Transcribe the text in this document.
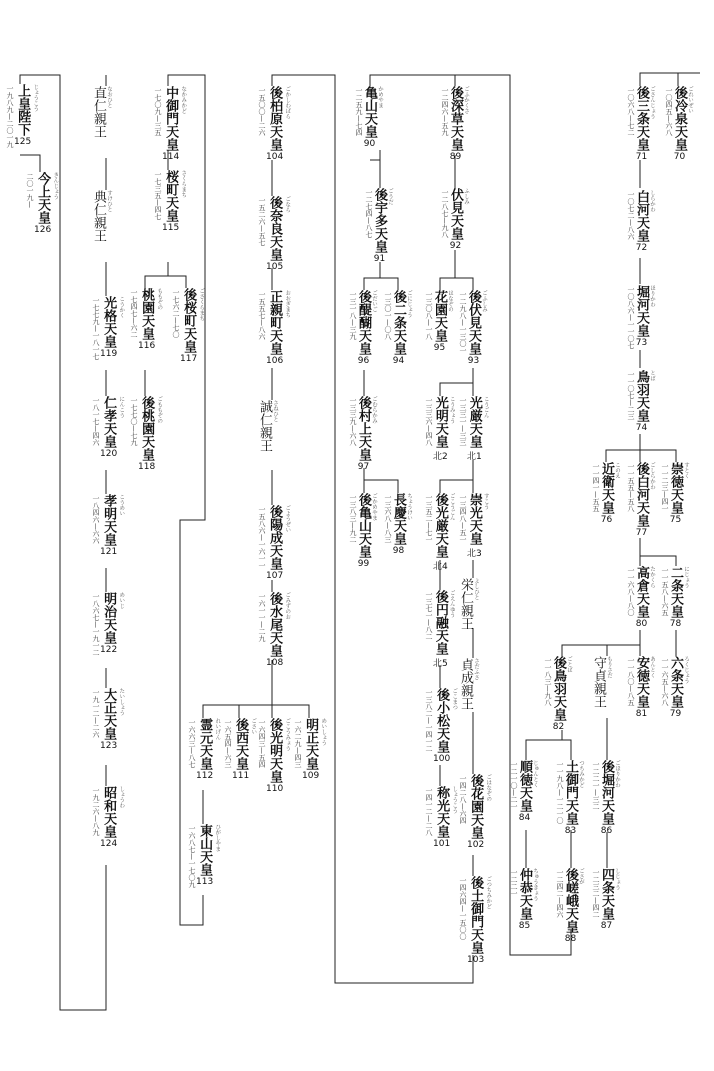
ごれいぜい
後冷泉天皇
70
一〇四五—六八
ごさんじょう
後三条天皇
71
一〇六八—七二
しらかわ
白河天皇
72
一〇七二—八六
ほりかわ
堀河天皇
73
一〇八六—一一〇七
とば
鳥羽天皇
74
一一〇七—二三
すとく
崇徳天皇
75
一一二三—四一
このえ
近衛天皇
76
一一四一—五五	ごしらかわ
後白河天皇
77
一一五五—五八
にじょう
二条天皇
78
一一五八—六五
ろくじょう
六条天皇
79
一一六五—六八
たかくら
高倉天皇
80
一一六八—八〇
あんとく
安徳天皇
81
一一八〇—八五
もりさだ
守貞親王
ごとば
後鳥羽天皇
82
一一八三—九八
ごほりかわ
後堀河天皇
86
一二二一—三二
しじょう
四条天皇
87
一二三二—四二
つちみかど
土御門天皇
83
一一九八—一二一〇
ごさが
後嵯峨天皇
88
一二四二—四六
じゅんとく
順徳天皇
84
一二一〇—二一
ちゅうきょう
仲恭天皇
85
一二二一
ごふかくさ
後深草天皇
89
一二四六—五九
かめやま
亀山天皇
90
一二五九—七四
ごうだ
後宇多天皇
91
一二七四—八七	ふしみ
伏見天皇
92
一二八七—九八
ごにじょう
後二条天皇
94
一三〇一—〇八
ごだいご
後醍醐天皇
96
一三一八—三九	はなぞの
花園天皇
95
一三〇八—一八	ごふしみ
後伏見天皇
93
一二九八—一三〇一
ごむらかみ
後村上天皇
97
一三三九—六八	こうみょう
光明天皇
北2
一三三六—四八	こうごん
光厳天皇
北1
一三三一—三三
ちょうけい
長慶天皇
98
一三六八—八三
ごかめやま
後亀山天皇
99
一三八三—九二	ごこうごん
後光厳天皇
北4
一三五二—七一	すこう
崇光天皇
北3
一三四八—五一
よしひと
栄仁親王
ごえんゆう
後円融天皇
北5
一三七一—八二
さだふさ
貞成親王
ごこまつ
後小松天皇
100
一三八二—一四一二
しょうこう
称光天皇
101
一四一二—二八	ごはなぞの
後花園天皇
102
一四二八—六四
ごつちみかど
後土御門天皇
103
一四六四—一五〇〇
ごかしわばら
後柏原天皇
104
一五〇〇—二六
ごなら
後奈良天皇
105
一五二六—五七
おおぎまち
正親町天皇
106
一五五七—八六
さねひと
誠仁親王
ごようぜい
後陽成天皇
107
一五八六—一六一一
ごみずのお
後水尾天皇
108
一六一一—二九
めいしょう
明正天皇
109
一六二九—四三
ごこうみょう
後光明天皇
110
一六四三—五四
ごさい
後西天皇
111
一六五四—六三
れいげん
霊元天皇
112
一六六三—八七
ひがしやま
東山天皇
113
一六八七—一七〇九
なかみかど
中御門天皇
114
一七〇九—三五
さくらまち
桜町天皇
115
一七三五—四七
ごさくらまち
後桜町天皇
117
一七六二—七〇
ももぞの
桃園天皇
116
一七四七—六二
ごももぞの
後桃園天皇
118
一七七〇—七九
なおひと
直仁親王
すけひと
典仁親王
こうかく
光格天皇
119
一七七九—一八一七
にんこう
仁孝天皇
120
一八一七—四六
こうめい
孝明天皇
121
一八四六—六六
めいじ
明治天皇
122
一八六七—一九一二
たいしょう
大正天皇
123
一九一二—二六
しょうわ
昭和天皇
124
一九二六—八九
じょうこう
上皇陛下
125
一九八九—二〇一九
きんじょう
今上天皇
126
二〇一九—
